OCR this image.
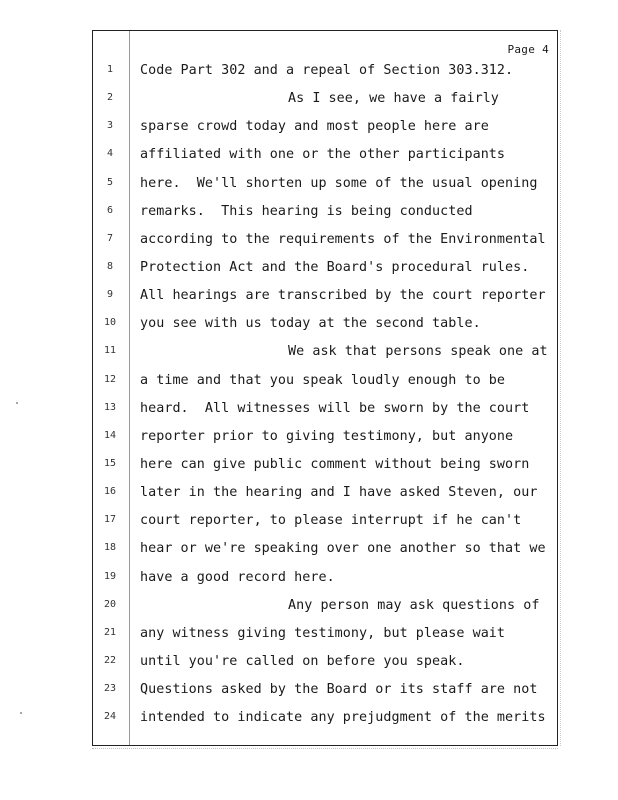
Page 4
1	Code Part 302 and a repeal of Section 303.312.
2	As I see, we have a fairly
3	sparse crowd today and most people here are
4	affiliated with one or the other participants
5	here.  We'll shorten up some of the usual opening
6	remarks.  This hearing is being conducted
7	according to the requirements of the Environmental
8	Protection Act and the Board's procedural rules.
9	All hearings are transcribed by the court reporter
10	you see with us today at the second table.
11	We ask that persons speak one at
12	a time and that you speak loudly enough to be
13	heard.  All witnesses will be sworn by the court
14	reporter prior to giving testimony, but anyone
15	here can give public comment without being sworn
16	later in the hearing and I have asked Steven, our
17	court reporter, to please interrupt if he can't
18	hear or we're speaking over one another so that we
19	have a good record here.
20	Any person may ask questions of
21	any witness giving testimony, but please wait
22	until you're called on before you speak.
23	Questions asked by the Board or its staff are not
24	intended to indicate any prejudgment of the merits
